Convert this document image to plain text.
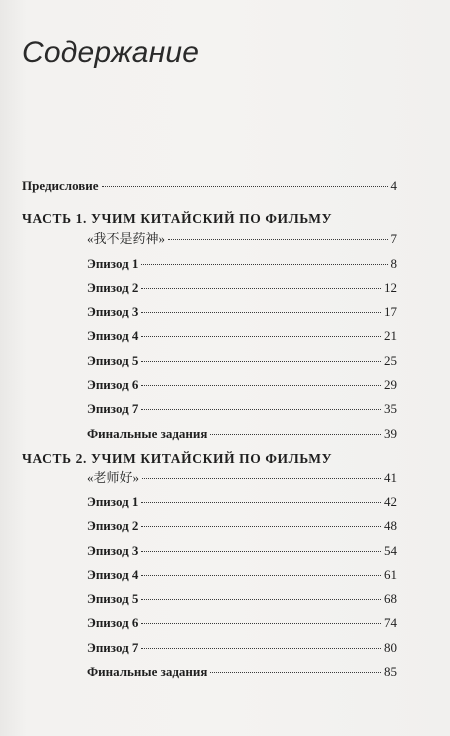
Содержание
Предисловие	4
ЧАСТЬ 1. УЧИМ КИТАЙСКИЙ ПО ФИЛЬМУ
«我不是药神»	7
Эпизод 1	8
Эпизод 2	12
Эпизод 3	17
Эпизод 4	21
Эпизод 5	25
Эпизод 6	29
Эпизод 7	35
Финальные задания	39
ЧАСТЬ 2. УЧИМ КИТАЙСКИЙ ПО ФИЛЬМУ
«老师好»	41
Эпизод 1	42
Эпизод 2	48
Эпизод 3	54
Эпизод 4	61
Эпизод 5	68
Эпизод 6	74
Эпизод 7	80
Финальные задания	85
